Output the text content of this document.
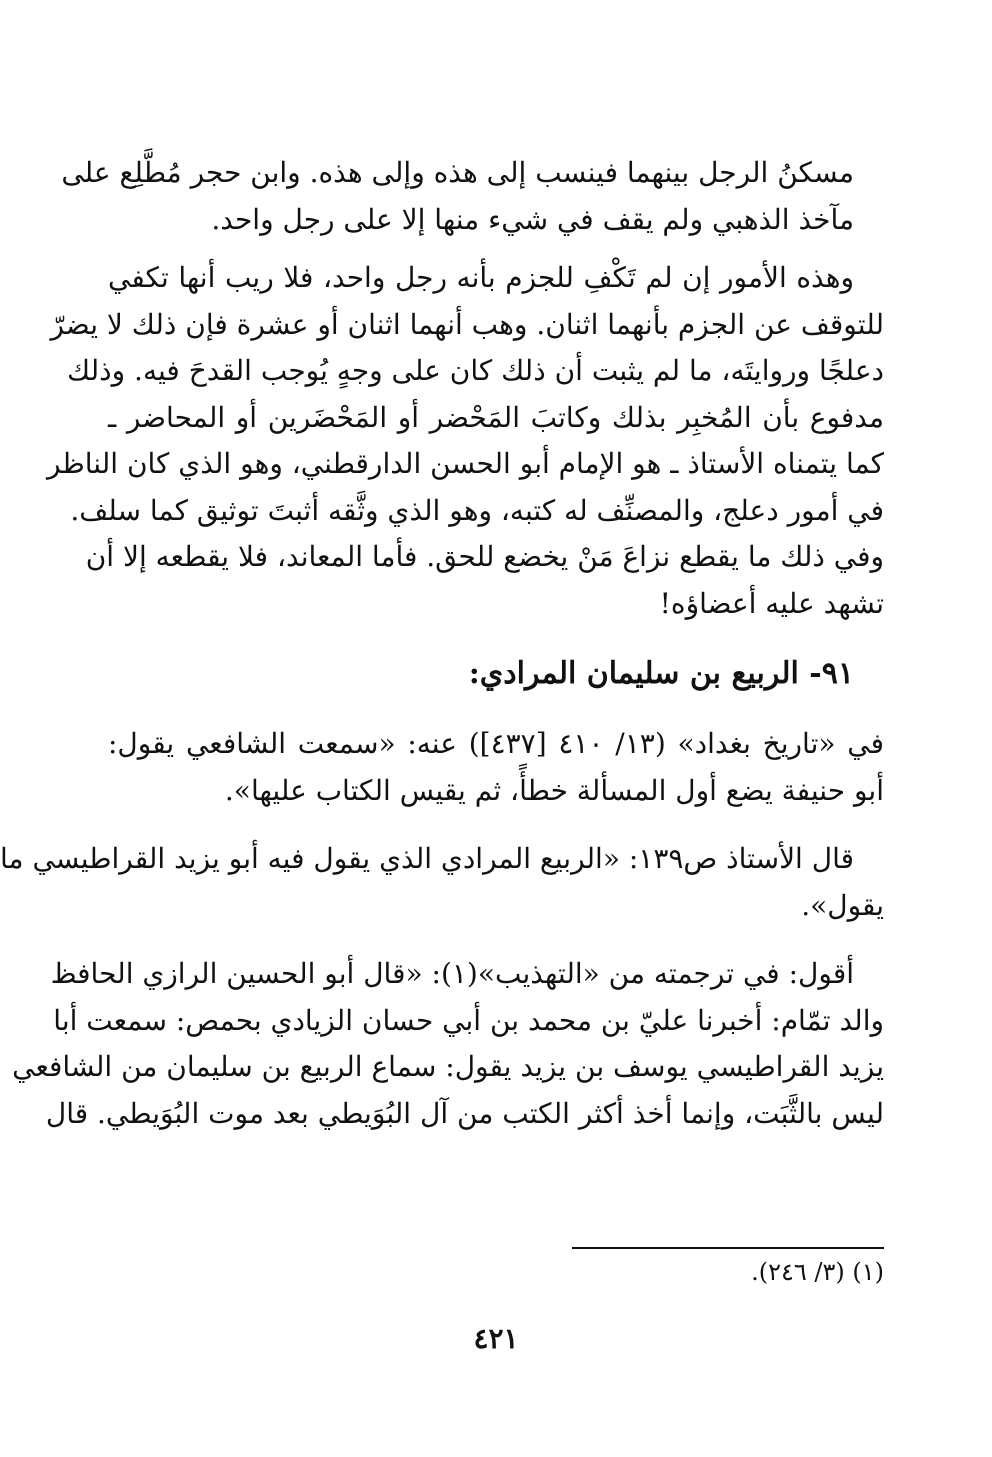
مسكنُ الرجل بينهما فينسب إلى هذه وإلى هذه. وابن حجر مُطَّلِع على
مآخذ الذهبي ولم يقف في شيء منها إلا على رجل واحد.
وهذه الأمور إن لم تَكْفِ للجزم بأنه رجل واحد، فلا ريب أنها تكفي
للتوقف عن الجزم بأنهما اثنان. وهب أنهما اثنان أو عشرة فإن ذلك لا يضرّ
دعلجًا وروايتَه، ما لم يثبت أن ذلك كان على وجهٍ يُوجب القدحَ فيه. وذلك
مدفوع بأن المُخبِر بذلك وكاتبَ المَحْضر أو المَحْضَرين أو المحاضر ـ
كما يتمناه الأستاذ ـ هو الإمام أبو الحسن الدارقطني، وهو الذي كان الناظر
في أمور دعلج، والمصنِّف له كتبه، وهو الذي وثَّقه أثبتَ توثيق كما سلف.
وفي ذلك ما يقطع نزاعَ مَنْ يخضع للحق. فأما المعاند، فلا يقطعه إلا أن
تشهد عليه أعضاؤه!
٩١- الربيع بن سليمان المرادي:
في «تاريخ بغداد» (١٣/ ٤١٠ [٤٣٧]) عنه: «سمعت الشافعي يقول:
أبو حنيفة يضع أول المسألة خطأً، ثم يقيس الكتاب عليها».
قال الأستاذ ص١٣٩: «الربيع المرادي الذي يقول فيه أبو يزيد القراطيسي ما
يقول».
أقول: في ترجمته من «التهذيب»(١): «قال أبو الحسين الرازي الحافظ
والد تمّام: أخبرنا عليّ بن محمد بن أبي حسان الزيادي بحمص: سمعت أبا
يزيد القراطيسي يوسف بن يزيد يقول: سماع الربيع بن سليمان من الشافعي
ليس بالثَّبَت، وإنما أخذ أكثر الكتب من آل البُوَيطي بعد موت البُوَيطي. قال
(١) (٣/ ٢٤٦).
٤٢١
